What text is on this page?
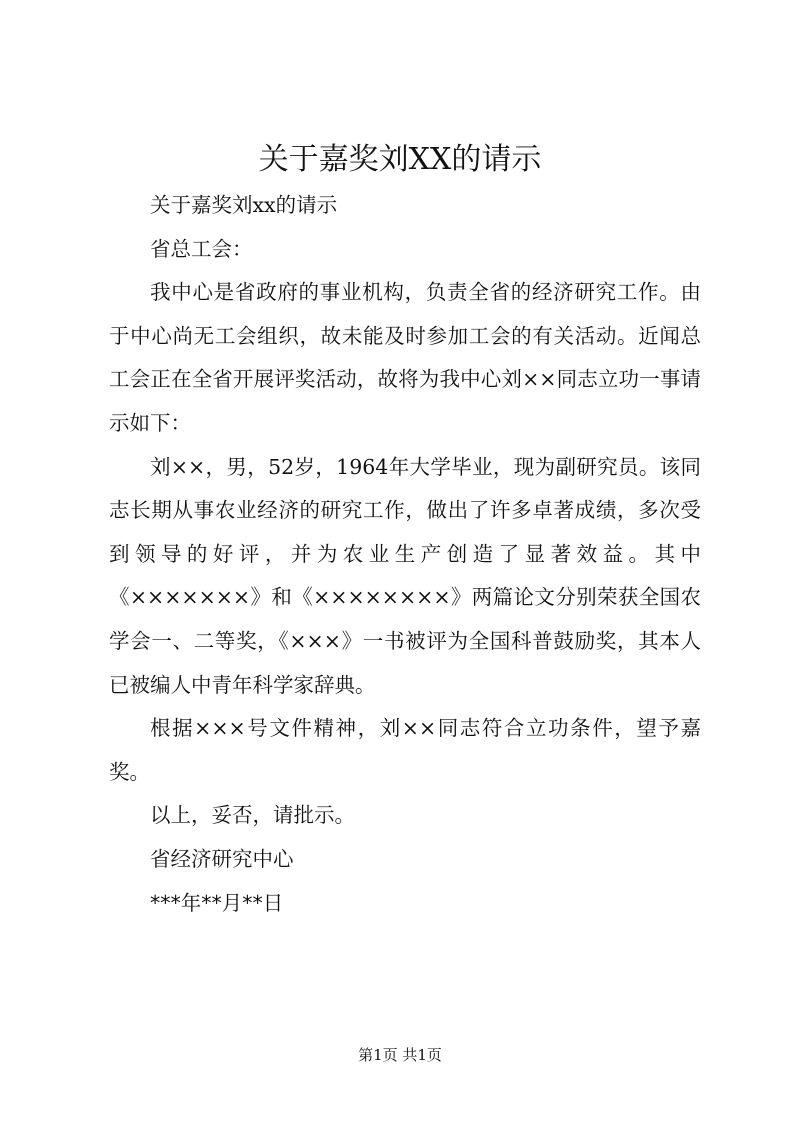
关于嘉奖刘XX的请示

关于嘉奖刘xx的请示

省总工会：

我中心是省政府的事业机构，负责全省的经济研究工作。由于中心尚无工会组织，故未能及时参加工会的有关活动。近闻总工会正在全省开展评奖活动，故将为我中心刘××同志立功一事请示如下：

刘××，男，52岁，1964年大学毕业，现为副研究员。该同志长期从事农业经济的研究工作，做出了许多卓著成绩，多次受到领导的好评，并为农业生产创造了显著效益。其中《×××××××》和《××××××××》两篇论文分别荣获全国农学会一、二等奖，《×××》一书被评为全国科普鼓励奖，其本人已被编人中青年科学家辞典。

根据×××号文件精神，刘××同志符合立功条件，望予嘉奖。

以上，妥否，请批示。

省经济研究中心

***年**月**日

第1页 共1页
